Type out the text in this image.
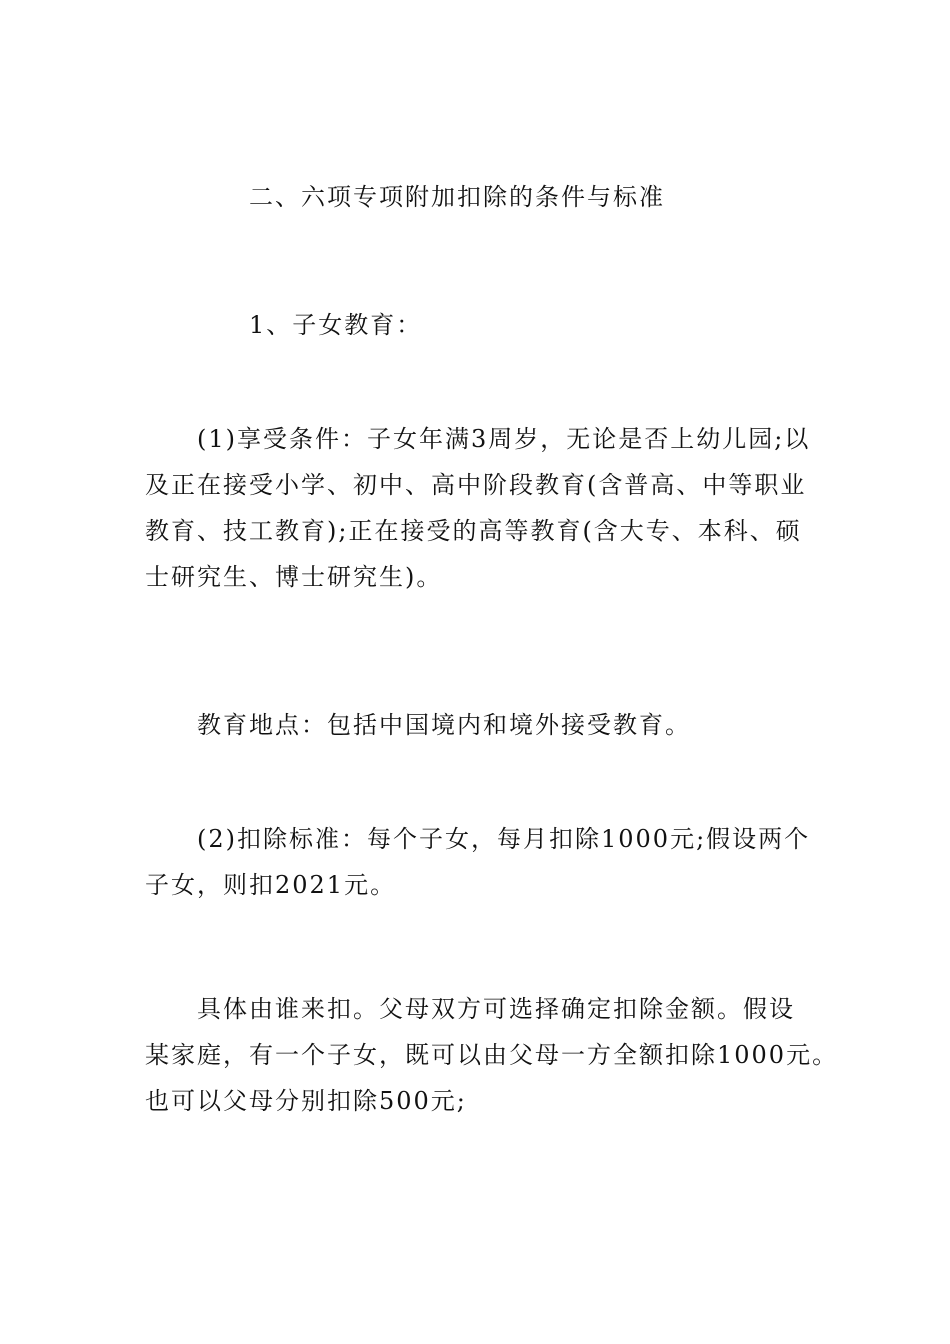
二、六项专项附加扣除的条件与标准

1、子女教育：

(1)享受条件：子女年满3周岁，无论是否上幼儿园;以
及正在接受小学、初中、高中阶段教育(含普高、中等职业
教育、技工教育);正在接受的高等教育(含大专、本科、硕
士研究生、博士研究生)。

教育地点：包括中国境内和境外接受教育。

(2)扣除标准：每个子女，每月扣除1000元;假设两个
子女，则扣2021元。
具体由谁来扣。父母双方可选择确定扣除金额。假设
某家庭，有一个子女，既可以由父母一方全额扣除1000元。
也可以父母分别扣除500元;
